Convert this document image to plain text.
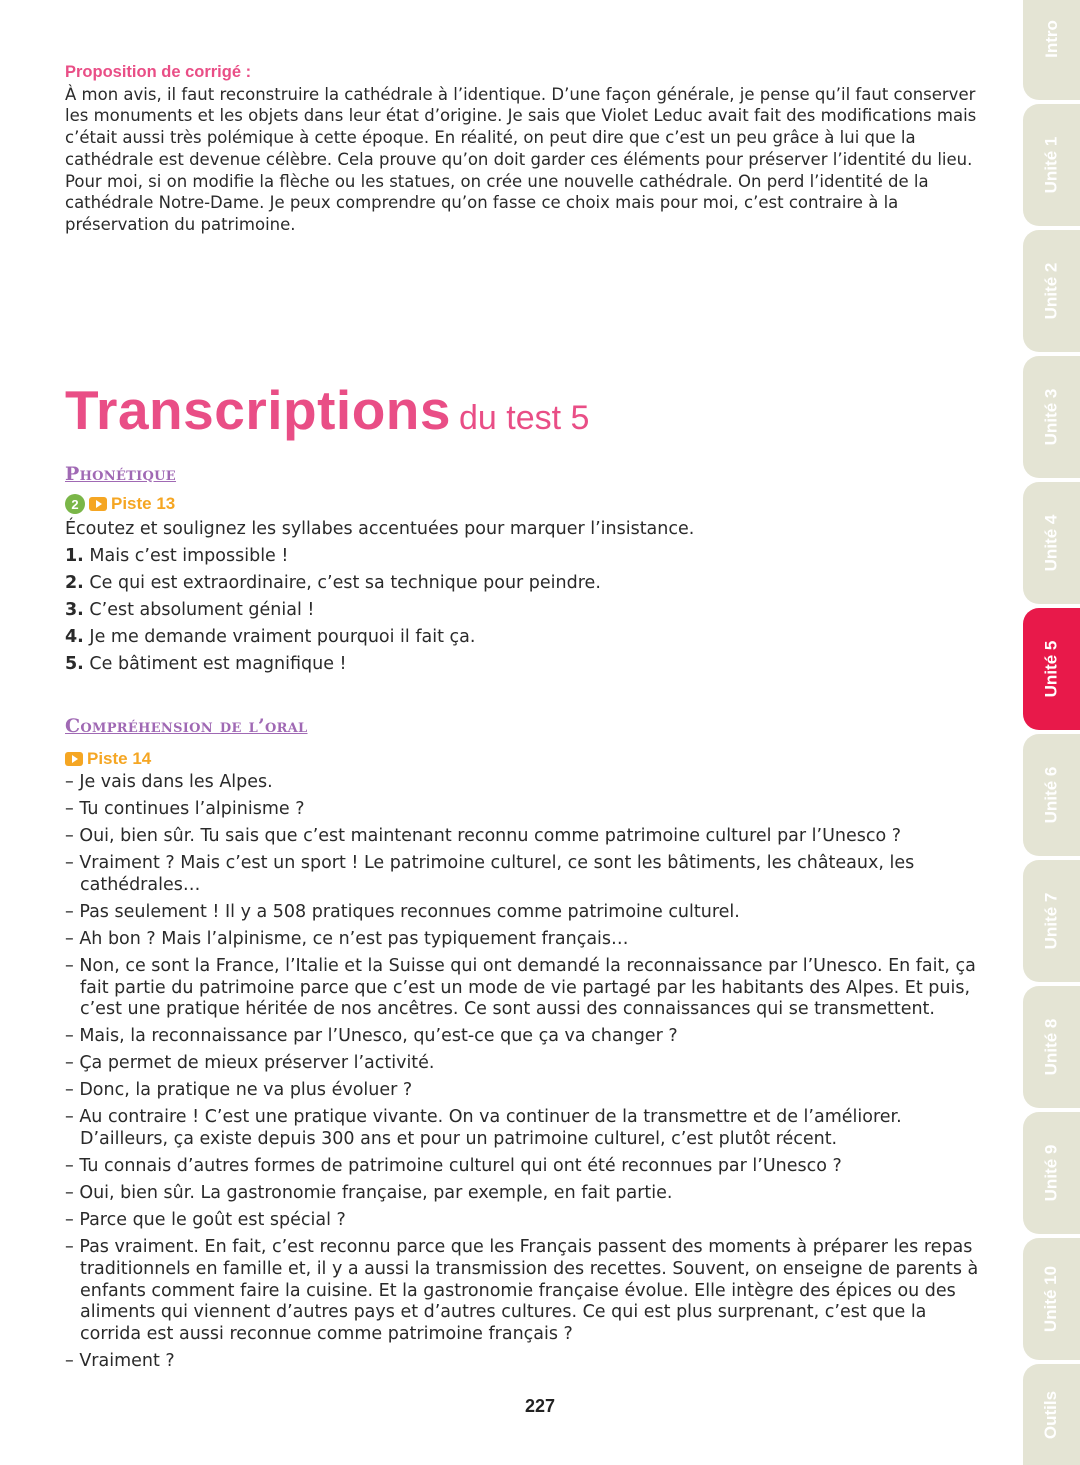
Proposition de corrigé :
À mon avis, il faut reconstruire la cathédrale à l’identique. D’une façon générale, je pense qu’il faut conserver
les monuments et les objets dans leur état d’origine. Je sais que Violet Leduc avait fait des modifications mais
c’était aussi très polémique à cette époque. En réalité, on peut dire que c’est un peu grâce à lui que la
cathédrale est devenue célèbre. Cela prouve qu’on doit garder ces éléments pour préserver l’identité du lieu.
Pour moi, si on modifie la flèche ou les statues, on crée une nouvelle cathédrale. On perd l’identité de la
cathédrale Notre-Dame. Je peux comprendre qu’on fasse ce choix mais pour moi, c’est contraire à la
préservation du patrimoine.
Transcriptions du test 5
Phonétique
2	Piste 13
Écoutez et soulignez les syllabes accentuées pour marquer l’insistance.
1. Mais c’est impossible !
2. Ce qui est extraordinaire, c’est sa technique pour peindre.
3. C’est absolument génial !
4. Je me demande vraiment pourquoi il fait ça.
5. Ce bâtiment est magnifique !
Compréhension de l’oral
Piste 14
– Je vais dans les Alpes.
– Tu continues l’alpinisme ?
– Oui, bien sûr. Tu sais que c’est maintenant reconnu comme patrimoine culturel par l’Unesco ?
– Vraiment ? Mais c’est un sport ! Le patrimoine culturel, ce sont les bâtiments, les châteaux, les cathédrales…
– Pas seulement ! Il y a 508 pratiques reconnues comme patrimoine culturel.
– Ah bon ? Mais l’alpinisme, ce n’est pas typiquement français…
– Non, ce sont la France, l’Italie et la Suisse qui ont demandé la reconnaissance par l’Unesco. En fait, ça fait partie du patrimoine parce que c’est un mode de vie partagé par les habitants des Alpes. Et puis, c’est une pratique héritée de nos ancêtres. Ce sont aussi des connaissances qui se transmettent.
– Mais, la reconnaissance par l’Unesco, qu’est-ce que ça va changer ?
– Ça permet de mieux préserver l’activité.
– Donc, la pratique ne va plus évoluer ?
– Au contraire ! C’est une pratique vivante. On va continuer de la transmettre et de l’améliorer. D’ailleurs, ça existe depuis 300 ans et pour un patrimoine culturel, c’est plutôt récent.
– Tu connais d’autres formes de patrimoine culturel qui ont été reconnues par l’Unesco ?
– Oui, bien sûr. La gastronomie française, par exemple, en fait partie.
– Parce que le goût est spécial ?
– Pas vraiment. En fait, c’est reconnu parce que les Français passent des moments à préparer les repas traditionnels en famille et, il y a aussi la transmission des recettes. Souvent, on enseigne de parents à enfants comment faire la cuisine. Et la gastronomie française évolue. Elle intègre des épices ou des aliments qui viennent d’autres pays et d’autres cultures. Ce qui est plus surprenant, c’est que la corrida est aussi reconnue comme patrimoine français ?
– Vraiment ?
227
Intro
Unité 1
Unité 2
Unité 3
Unité 4
Unité 5
Unité 6
Unité 7
Unité 8
Unité 9
Unité 10
Outils
